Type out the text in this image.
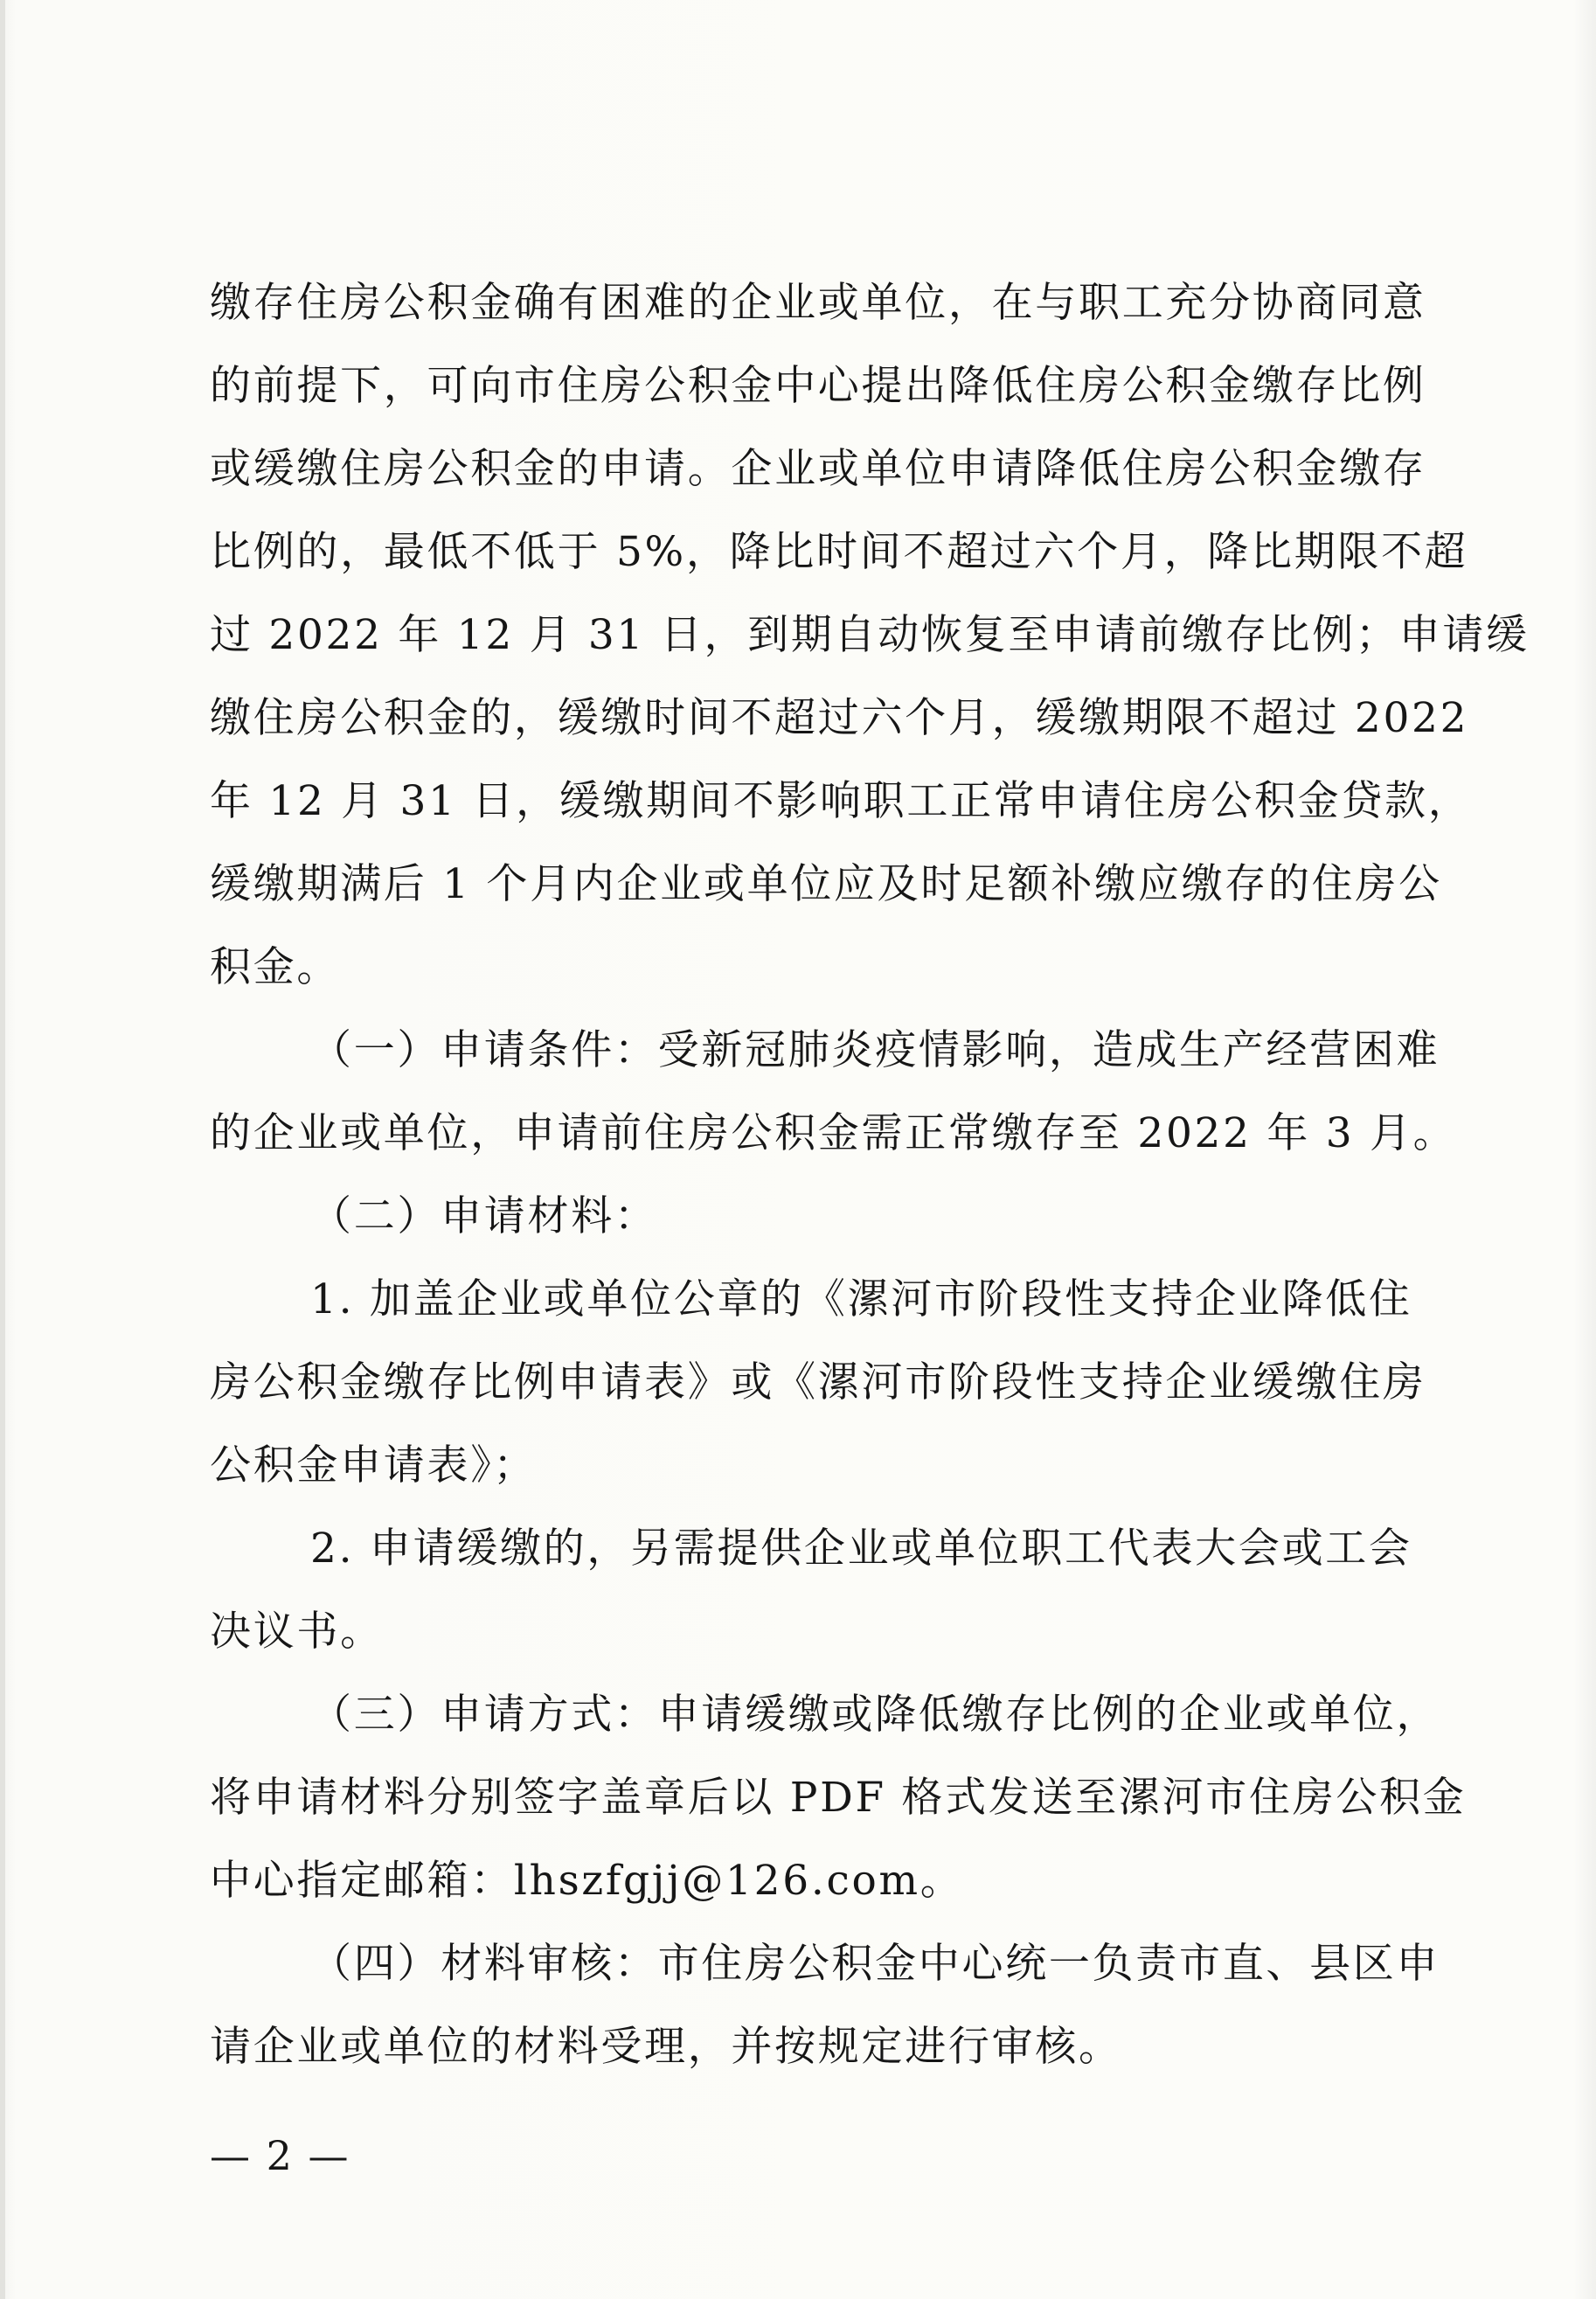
缴存住房公积金确有困难的企业或单位，在与职工充分协商同意
的前提下，可向市住房公积金中心提出降低住房公积金缴存比例
或缓缴住房公积金的申请。企业或单位申请降低住房公积金缴存
比例的，最低不低于 5%，降比时间不超过六个月，降比期限不超
过 2022 年 12 月 31 日，到期自动恢复至申请前缴存比例；申请缓
缴住房公积金的，缓缴时间不超过六个月，缓缴期限不超过 2022
年 12 月 31 日，缓缴期间不影响职工正常申请住房公积金贷款，
缓缴期满后 1 个月内企业或单位应及时足额补缴应缴存的住房公
积金。
（一）申请条件：受新冠肺炎疫情影响，造成生产经营困难
的企业或单位，申请前住房公积金需正常缴存至 2022 年 3 月。
（二）申请材料：
1. 加盖企业或单位公章的《漯河市阶段性支持企业降低住
房公积金缴存比例申请表》或《漯河市阶段性支持企业缓缴住房
公积金申请表》；
2. 申请缓缴的，另需提供企业或单位职工代表大会或工会
决议书。
（三）申请方式：申请缓缴或降低缴存比例的企业或单位，
将申请材料分别签字盖章后以 PDF 格式发送至漯河市住房公积金
中心指定邮箱：lhszfgjj@126.com。
（四）材料审核：市住房公积金中心统一负责市直、县区申
请企业或单位的材料受理，并按规定进行审核。
— 2 —
